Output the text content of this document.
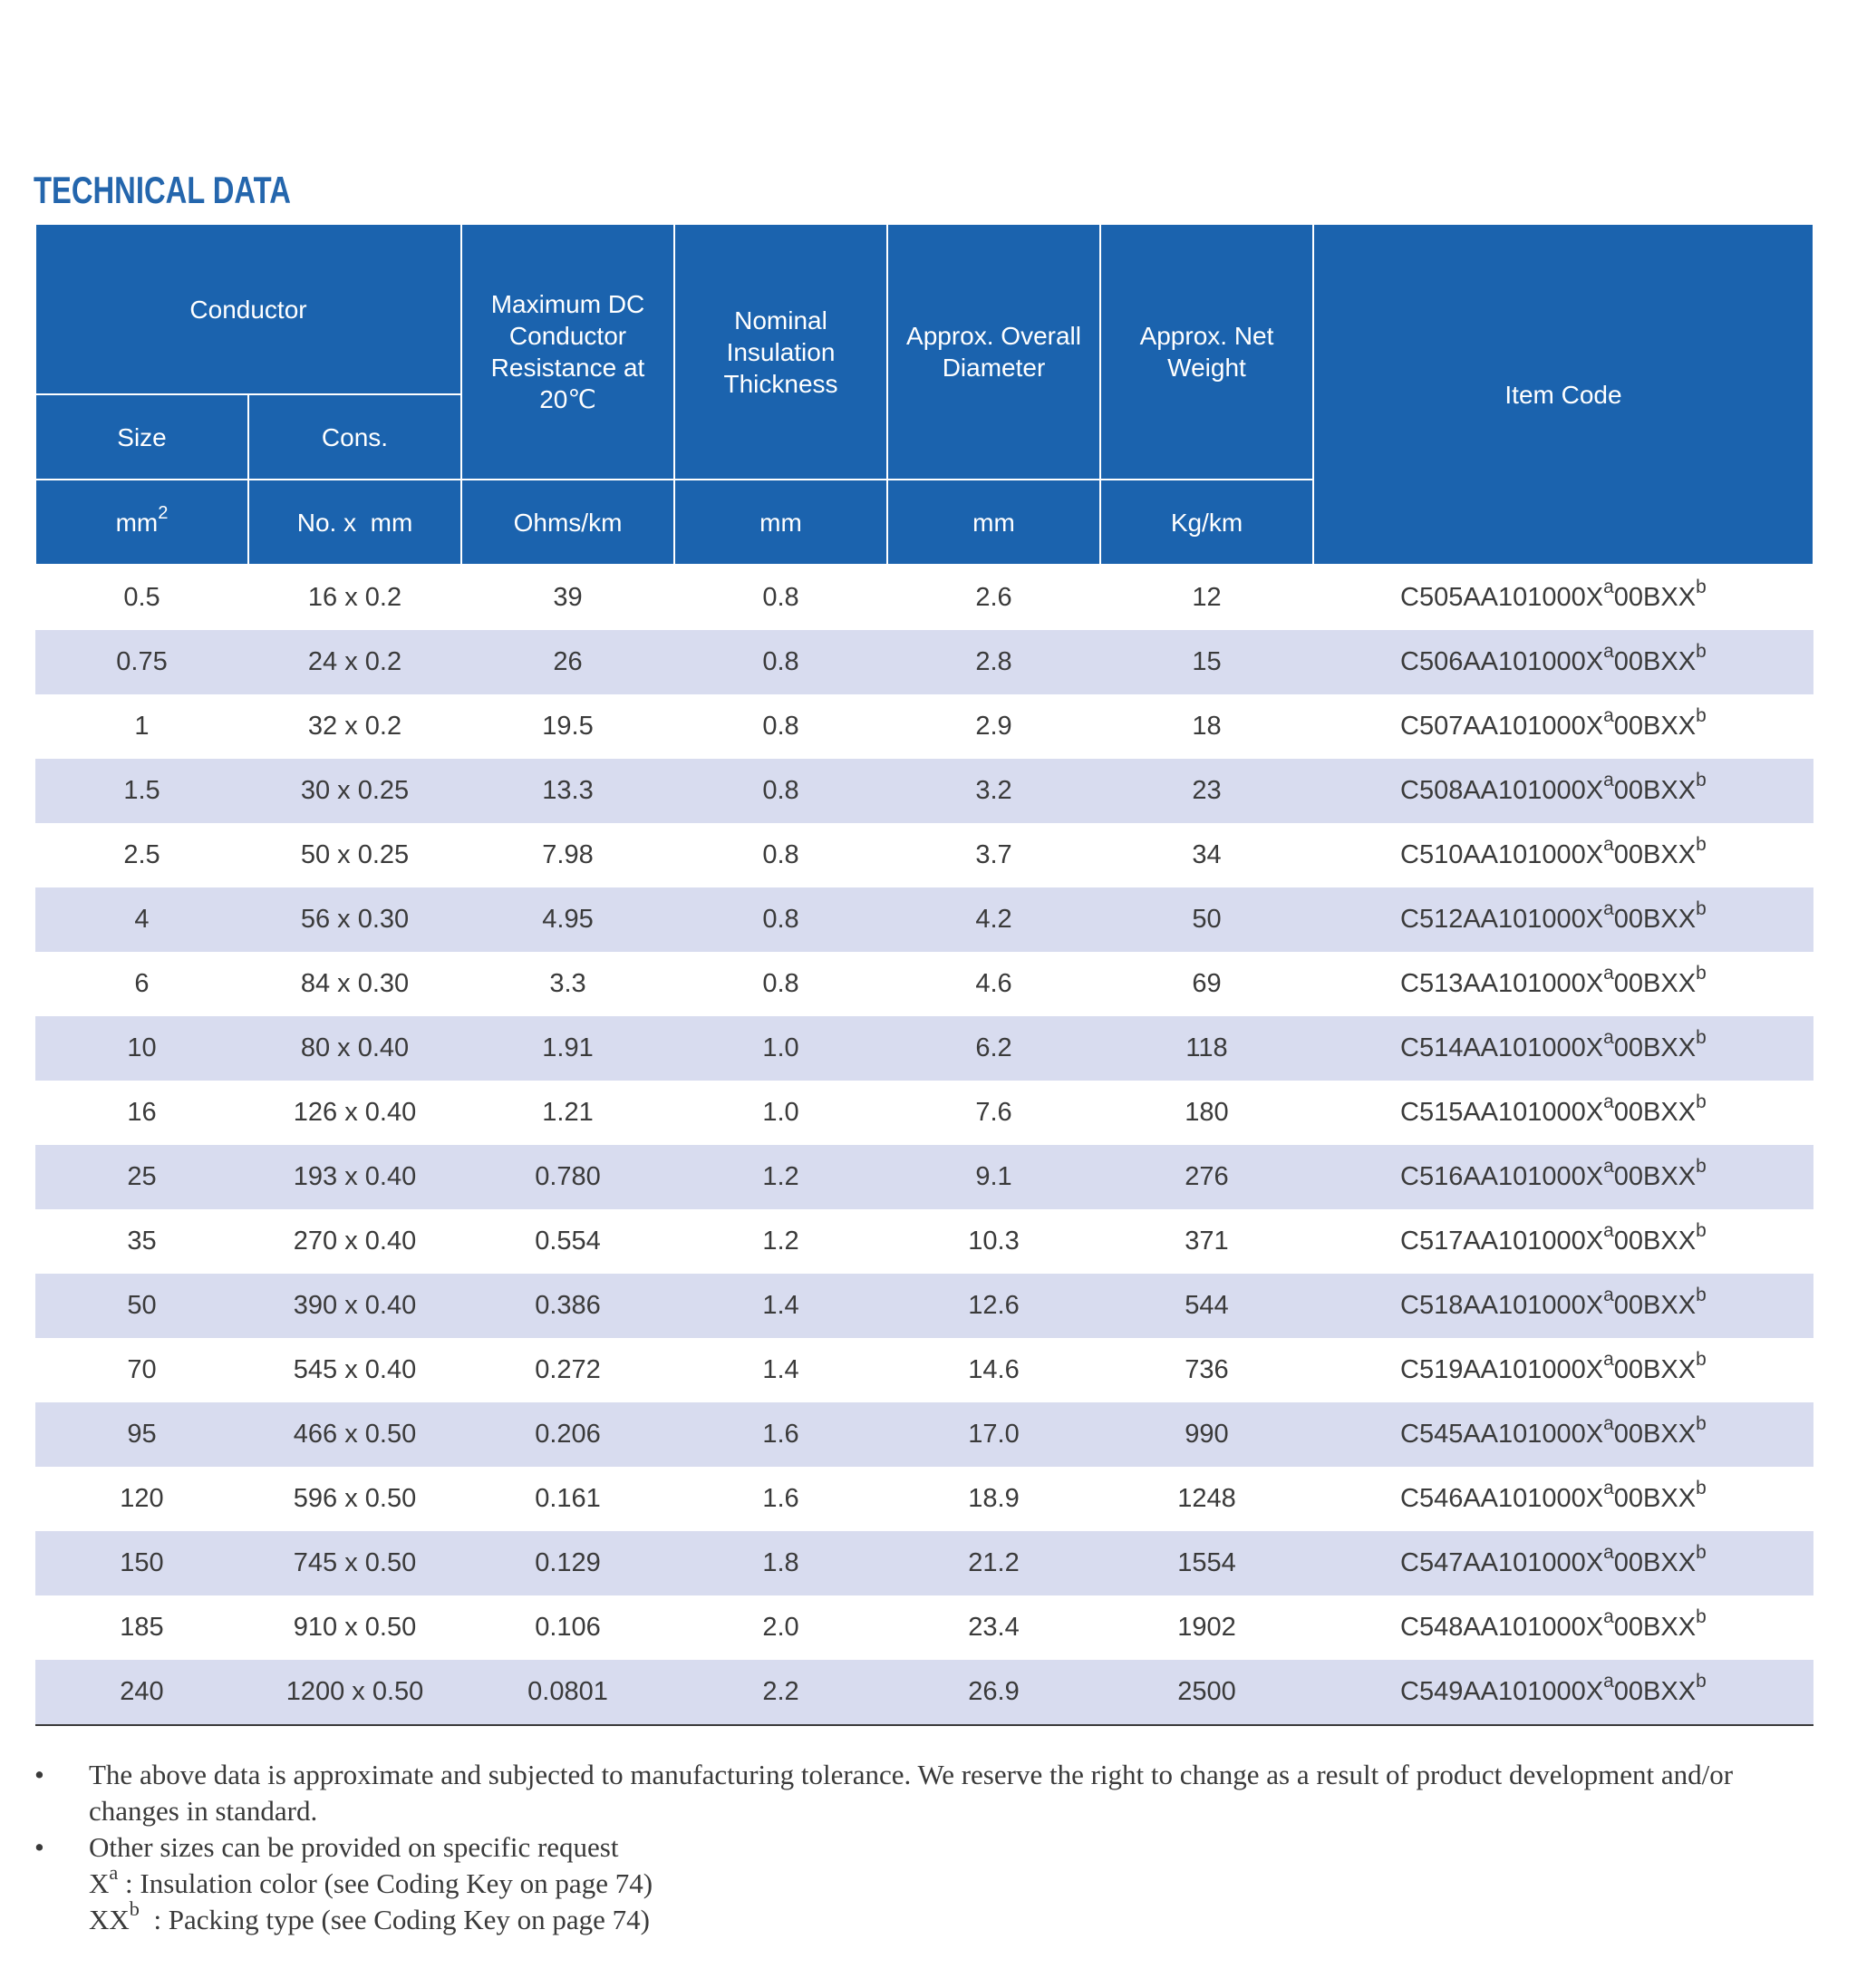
TECHNICAL DATA
Conductor		Maximum DC Conductor Resistance at 20℃	Nominal Insulation Thickness	Approx. Overall Diameter	Approx. Net Weight	Item Code
Size	Cons.					
$mm^2$	No. x  mm	Ohms/km	mm	mm	Kg/km	
0.5	16 x 0.2	39	0.8	2.6	12	$C505AA101000X^a00BXX^b$
0.75	24 x 0.2	26	0.8	2.8	15	$C506AA101000X^a00BXX^b$
1	32 x 0.2	19.5	0.8	2.9	18	$C507AA101000X^a00BXX^b$
1.5	30 x 0.25	13.3	0.8	3.2	23	$C508AA101000X^a00BXX^b$
2.5	50 x 0.25	7.98	0.8	3.7	34	$C510AA101000X^a00BXX^b$
4	56 x 0.30	4.95	0.8	4.2	50	$C512AA101000X^a00BXX^b$
6	84 x 0.30	3.3	0.8	4.6	69	$C513AA101000X^a00BXX^b$
10	80 x 0.40	1.91	1.0	6.2	118	$C514AA101000X^a00BXX^b$
16	126 x 0.40	1.21	1.0	7.6	180	$C515AA101000X^a00BXX^b$
25	193 x 0.40	0.780	1.2	9.1	276	$C516AA101000X^a00BXX^b$
35	270 x 0.40	0.554	1.2	10.3	371	$C517AA101000X^a00BXX^b$
50	390 x 0.40	0.386	1.4	12.6	544	$C518AA101000X^a00BXX^b$
70	545 x 0.40	0.272	1.4	14.6	736	$C519AA101000X^a00BXX^b$
95	466 x 0.50	0.206	1.6	17.0	990	$C545AA101000X^a00BXX^b$
120	596 x 0.50	0.161	1.6	18.9	1248	$C546AA101000X^a00BXX^b$
150	745 x 0.50	0.129	1.8	21.2	1554	$C547AA101000X^a00BXX^b$
185	910 x 0.50	0.106	2.0	23.4	1902	$C548AA101000X^a00BXX^b$
240	1200 x 0.50	0.0801	2.2	26.9	2500	$C549AA101000X^a00BXX^b$
• The above data is approximate and subjected to manufacturing tolerance. We reserve the right to change as a result of product development and/or changes in standard.
• Other sizes can be provided on specific request
$X^a$ : Insulation color (see Coding Key on page 74)
$XX^b$  : Packing type (see Coding Key on page 74)
